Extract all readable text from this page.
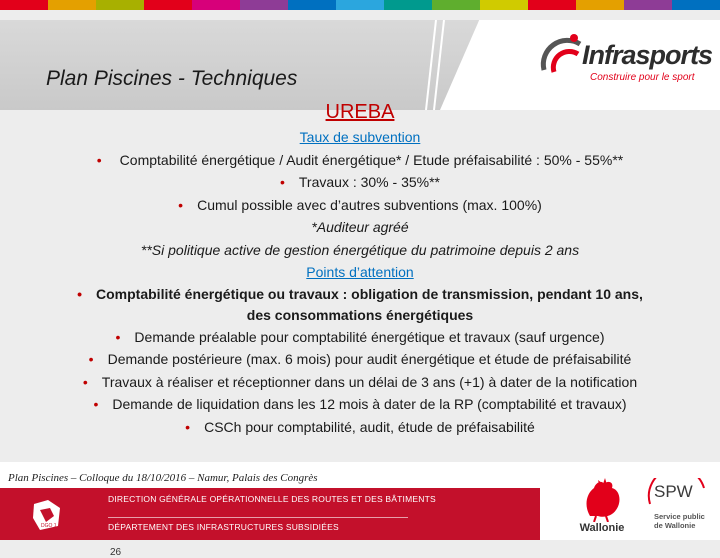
Plan Piscines - Techniques
Infrasports
Construire pour le sport
UREBA
Taux de subvention
• Comptabilité énergétique / Audit énergétique* / Etude préfaisabilité : 50% - 55%**
• Travaux : 30% - 35%**
• Cumul possible avec d’autres subventions (max. 100%)
*Auditeur agréé
**Si politique active de gestion énergétique du patrimoine depuis 2 ans
Points d’attention
• Comptabilité énergétique ou travaux : obligation de transmission, pendant 10 ans,
des consommations énergétiques
• Demande préalable pour comptabilité énergétique et travaux (sauf urgence)
• Demande postérieure (max. 6 mois) pour audit énergétique et étude de préfaisabilité
• Travaux à réaliser et réceptionner dans un délai de 3 ans (+1) à dater de la notification
• Demande de liquidation dans les 12 mois à dater de la RP (comptabilité et travaux)
• CSCh pour comptabilité, audit, étude de préfaisabilité
Plan Piscines – Colloque du 18/10/2016 – Namur, Palais des Congrès
DGO 1
DIRECTION GÉNÉRALE OPÉRATIONNELLE DES ROUTES ET DES BÂTIMENTS
DÉPARTEMENT DES INFRASTRUCTURES SUBSIDIÉES
26
Wallonie
SPW
Service public
de Wallonie
